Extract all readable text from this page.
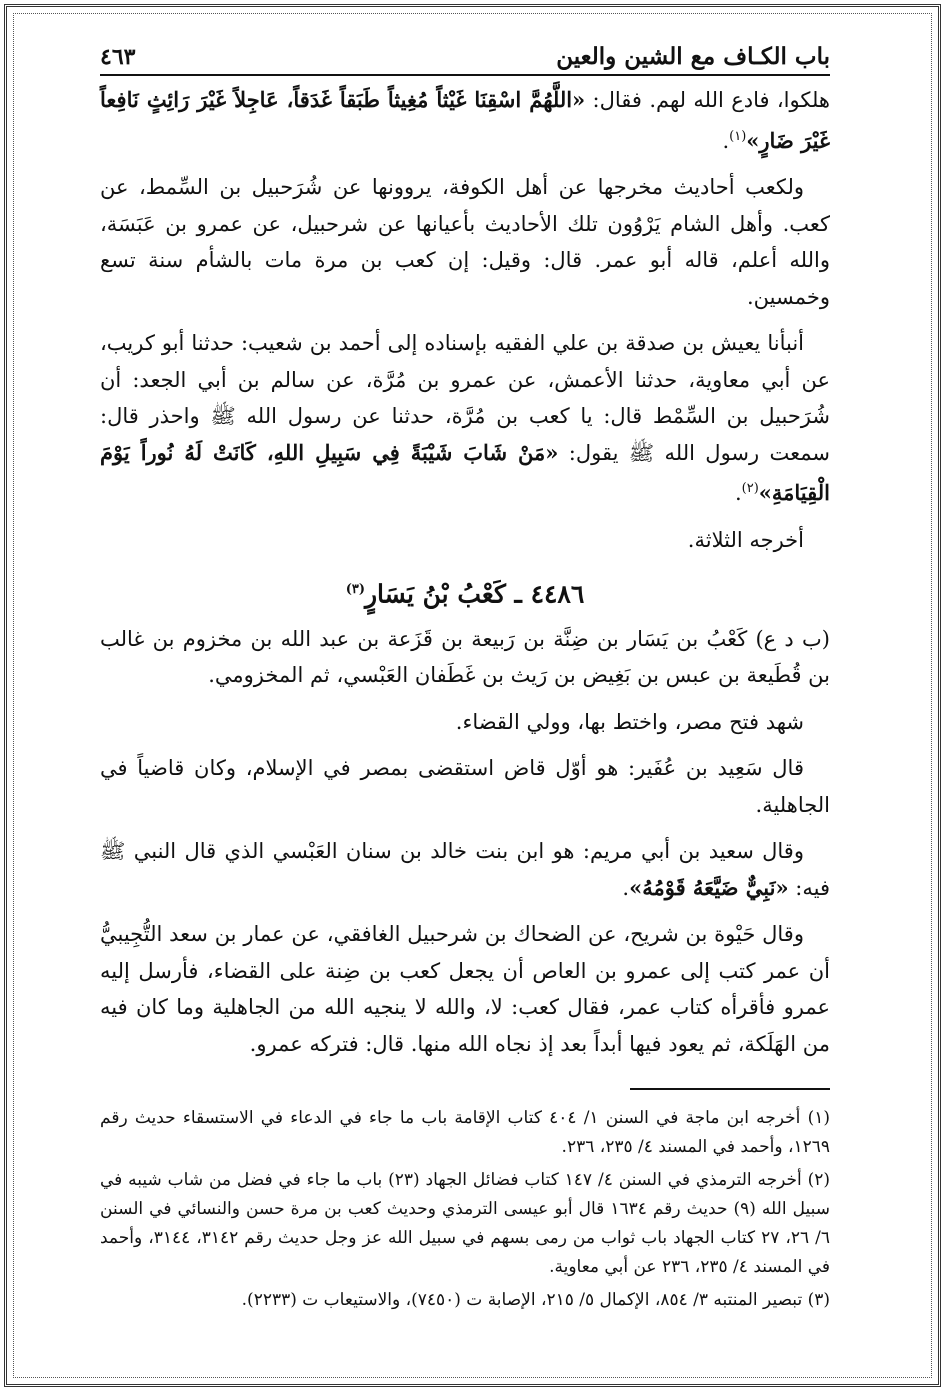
باب الكـاف مع الشين والعين
٤٦٣

هلكوا، فادع الله لهم. فقال: «اللَّهُمَّ اسْقِنَا غَيْثاً مُغِيثاً طَبَقاً غَدَقاً، عَاجِلاً غَيْرَ رَائِثٍ نَافِعاً غَيْرَ ضَارٍ»$^{(١)}$.

ولكعب أحاديث مخرجها عن أهل الكوفة، يروونها عن شُرَحبيل بن السِّمط، عن كعب. وأهل الشام يَرْوُون تلك الأحاديث بأعيانها عن شرحبيل، عن عمرو بن عَبَسَة، والله أعلم، قاله أبو عمر. قال: وقيل: إن كعب بن مرة مات بالشأم سنة تسع وخمسين.

أنبأنا يعيش بن صدقة بن علي الفقيه بإسناده إلى أحمد بن شعيب: حدثنا أبو كريب، عن أبي معاوية، حدثنا الأعمش، عن عمرو بن مُرَّة، عن سالم بن أبي الجعد: أن شُرَحبيل بن السِّمْط قال: يا كعب بن مُرَّة، حدثنا عن رسول الله ﷺ واحذر قال: سمعت رسول الله ﷺ يقول: «مَنْ شَابَ شَيْبَةً فِي سَبِيلِ اللهِ، كَانَتْ لَهُ نُوراً يَوْمَ الْقِيَامَةِ»$^{(٢)}$.

أخرجه الثلاثة.

٤٤٨٦ ـ كَعْبُ بْنُ يَسَارٍ$^{(٣)}$

(ب د ع) كَعْبُ بن يَسَار بن ضِنَّة بن رَبيعة بن قَزَعة بن عبد الله بن مخزوم بن غالب بن قُطَيعة بن عبس بن بَغِيض بن رَيث بن غَطَفان العَبْسي، ثم المخزومي.

شهد فتح مصر، واختط بها، وولي القضاء.

قال سَعِيد بن عُفَير: هو أوّل قاض استقضى بمصر في الإسلام، وكان قاضياً في الجاهلية.

وقال سعيد بن أبي مريم: هو ابن بنت خالد بن سنان العَبْسي الذي قال النبي ﷺ فيه: «نَبِيٌّ ضَيَّعَهُ قَوْمُهُ».

وقال حَيْوة بن شريح، عن الضحاك بن شرحبيل الغافقي، عن عمار بن سعد التُّجِيبيُّ أن عمر كتب إلى عمرو بن العاص أن يجعل كعب بن ضِنة على القضاء، فأرسل إليه عمرو فأقرأه كتاب عمر، فقال كعب: لا، والله لا ينجيه الله من الجاهلية وما كان فيه من الهَلَكة، ثم يعود فيها أبداً بعد إذ نجاه الله منها. قال: فتركه عمرو.

(١) أخرجه ابن ماجة في السنن ١/ ٤٠٤ كتاب الإقامة باب ما جاء في الدعاء في الاستسقاء حديث رقم ١٢٦٩، وأحمد في المسند ٤/ ٢٣٥، ٢٣٦.

(٢) أخرجه الترمذي في السنن ٤/ ١٤٧ كتاب فضائل الجهاد (٢٣) باب ما جاء في فضل من شاب شيبه في سبيل الله (٩) حديث رقم ١٦٣٤ قال أبو عيسى الترمذي وحديث كعب بن مرة حسن والنسائي في السنن ٦/ ٢٦، ٢٧ كتاب الجهاد باب ثواب من رمى بسهم في سبيل الله عز وجل حديث رقم ٣١٤٢، ٣١٤٤، وأحمد في المسند ٤/ ٢٣٥، ٢٣٦ عن أبي معاوية.

(٣) تبصير المنتبه ٣/ ٨٥٤، الإكمال ٥/ ٢١٥، الإصابة ت (٧٤٥٠)، والاستيعاب ت (٢٢٣٣).
